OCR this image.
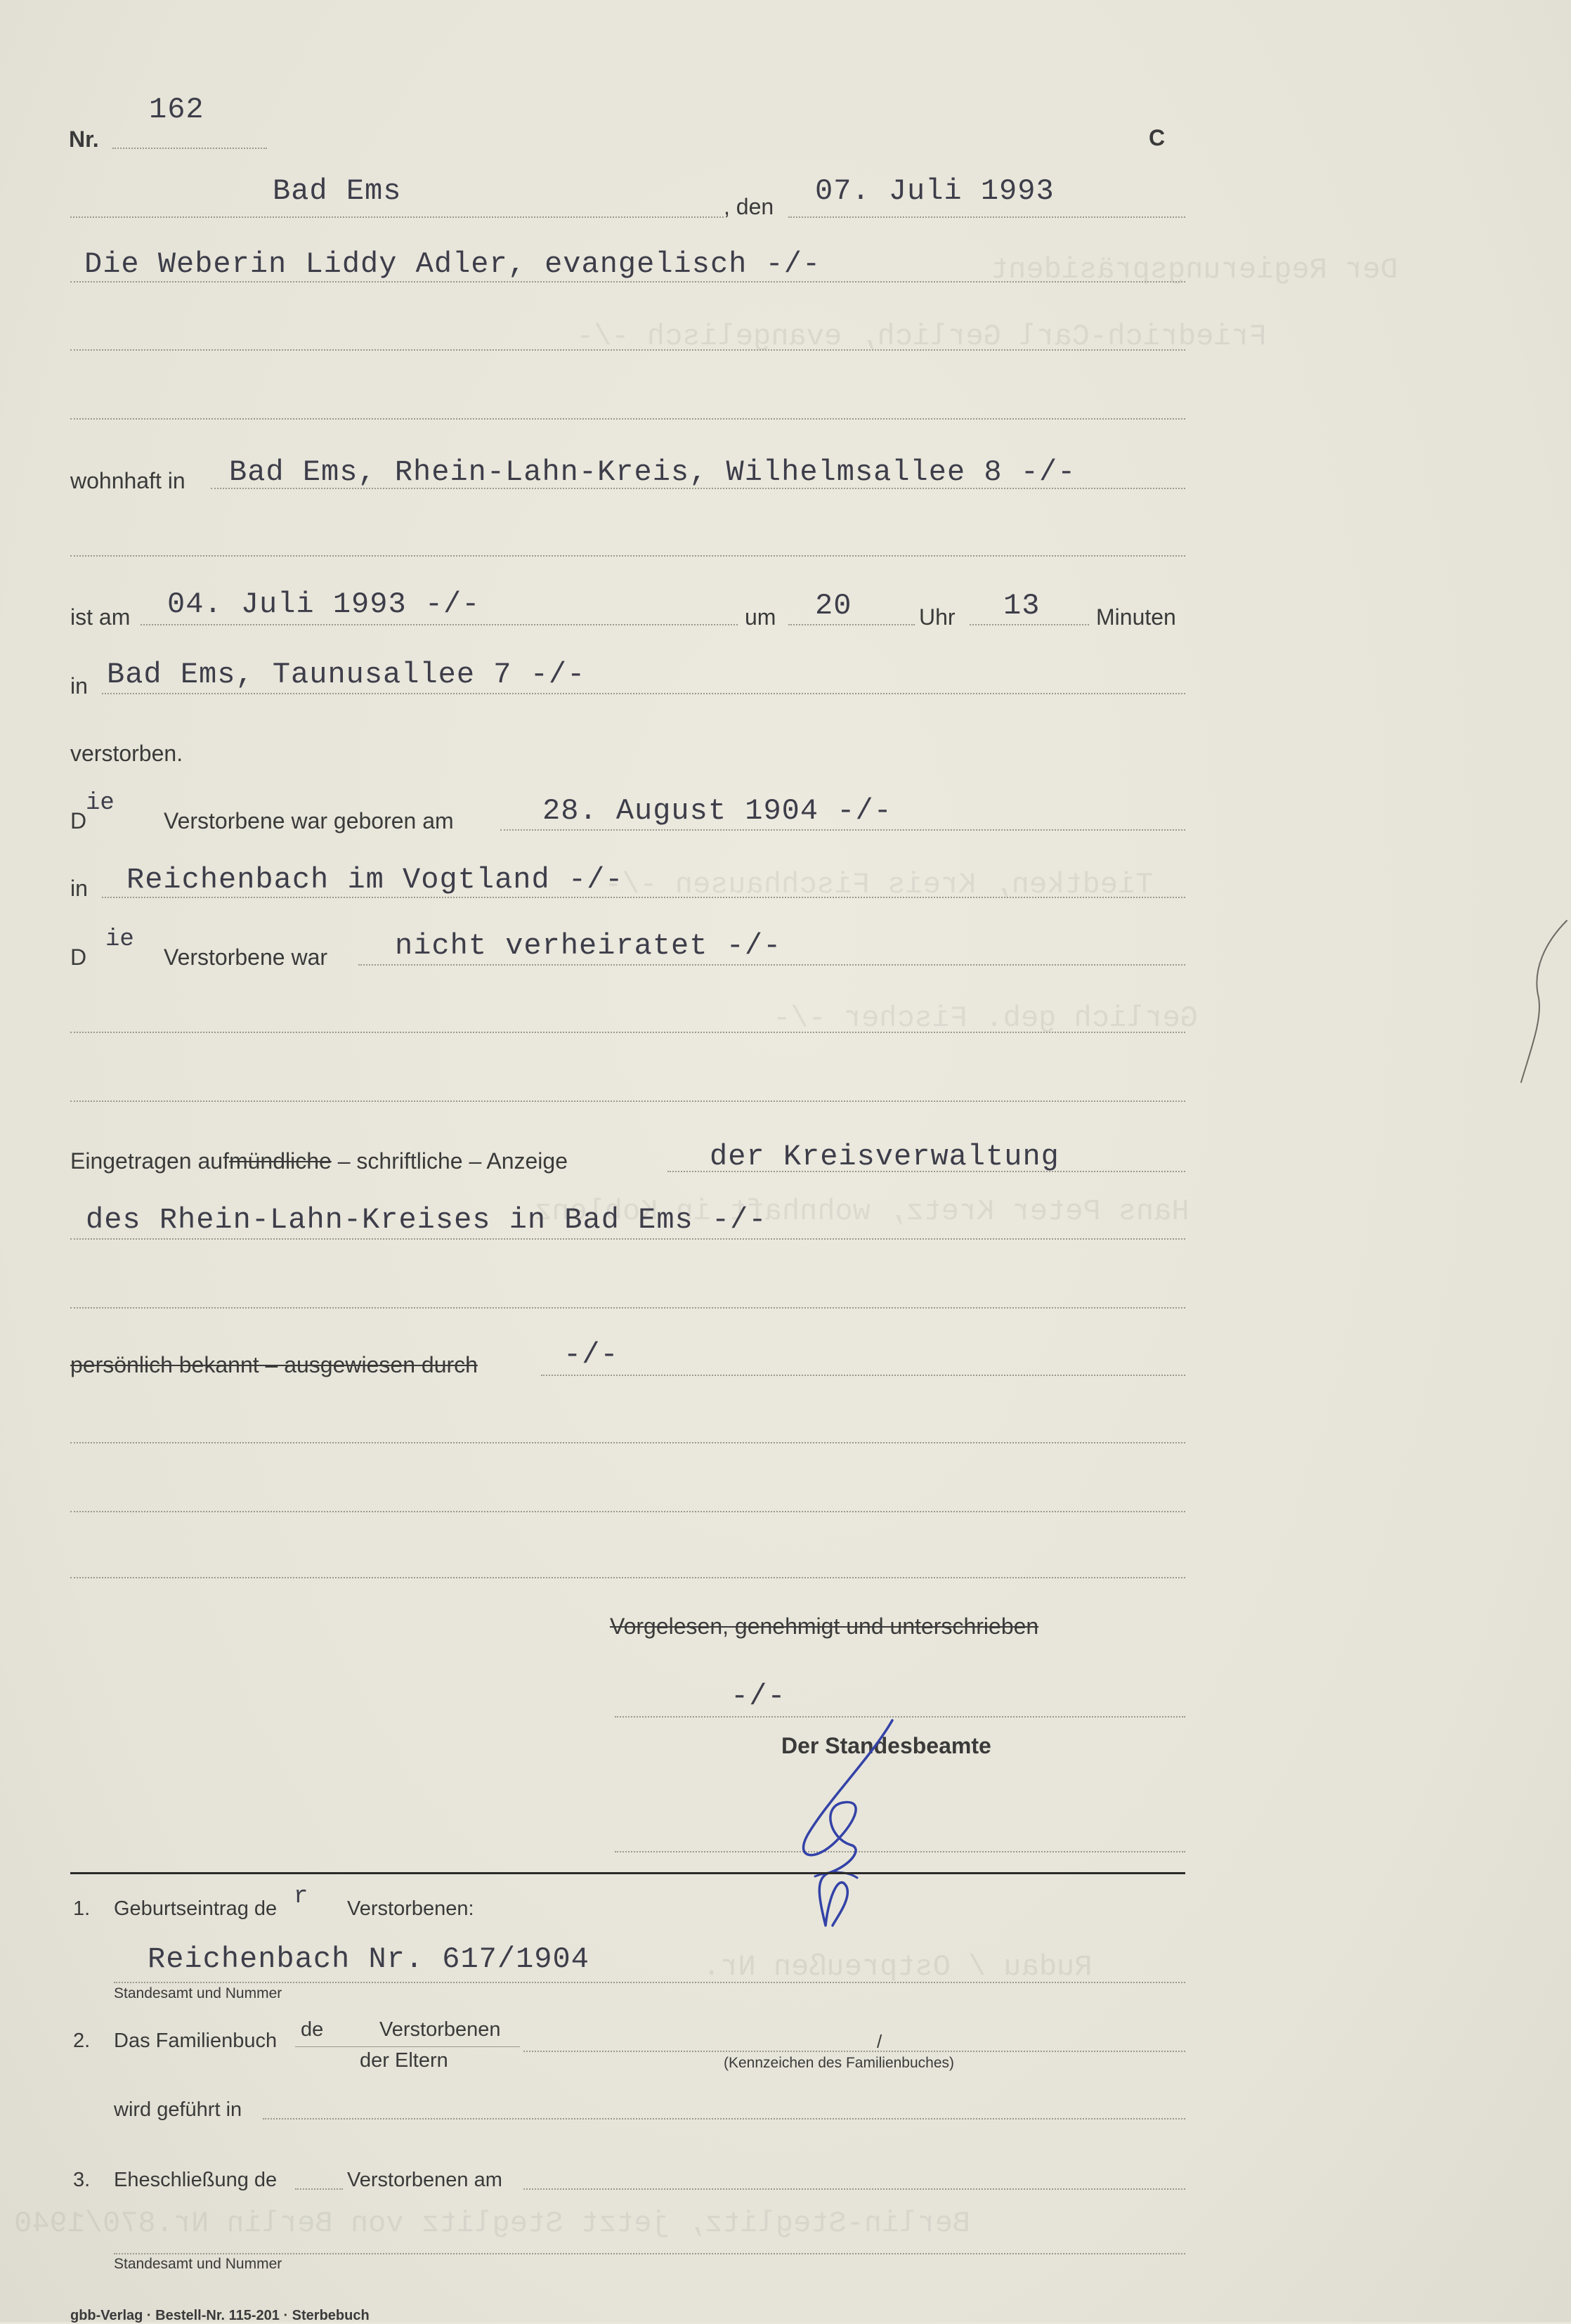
Der Regierungspräsident
Friedrich-Carl Gerlich, evangelisch -/-
Tiedtken, Kreis Fischhausen -/-
Gerlich geb. Fischer -/-
Hans Peter Kretz, wohnhaft in Koblenz
Rudau / Ostpreußen Nr.
Berlin-Steglitz, jetzt Steglitz von Berlin Nr.870/1940
Nr.
162
C
Bad Ems	, den 07. Juli 1993
Die Weberin Liddy Adler, evangelisch -/-
wohnhaft in Bad Ems, Rhein-Lahn-Kreis, Wilhelmsallee 8 -/-
ist am 04. Juli 1993 -/-	um 20	Uhr 13 Minuten
in Bad Ems, Taunusallee 7 -/-
verstorben.
D
ie
Verstorbene war geboren am	28. August 1904 -/-
in Reichenbach im Vogtland -/-
D
ie
Verstorbene war nicht verheiratet -/-
Eingetragen aufmündliche – schriftliche – Anzeige	der Kreisverwaltung
des Rhein-Lahn-Kreises in Bad Ems -/-
persönlich bekannt – ausgewiesen durch	-/-
Vorgelesen, genehmigt und unterschrieben
-/-
Der Standesbeamte
1. Geburtseintrag de r Verstorbenen:
Reichenbach Nr. 617/1904
Standesamt und Nummer
2. Das Familienbuch de	Verstorbenen
der Eltern
/
(Kennzeichen des Familienbuches)
wird geführt in
3. Eheschließung de	Verstorbenen am
Standesamt und Nummer
gbb-Verlag · Bestell-Nr. 115-201 · Sterbebuch
